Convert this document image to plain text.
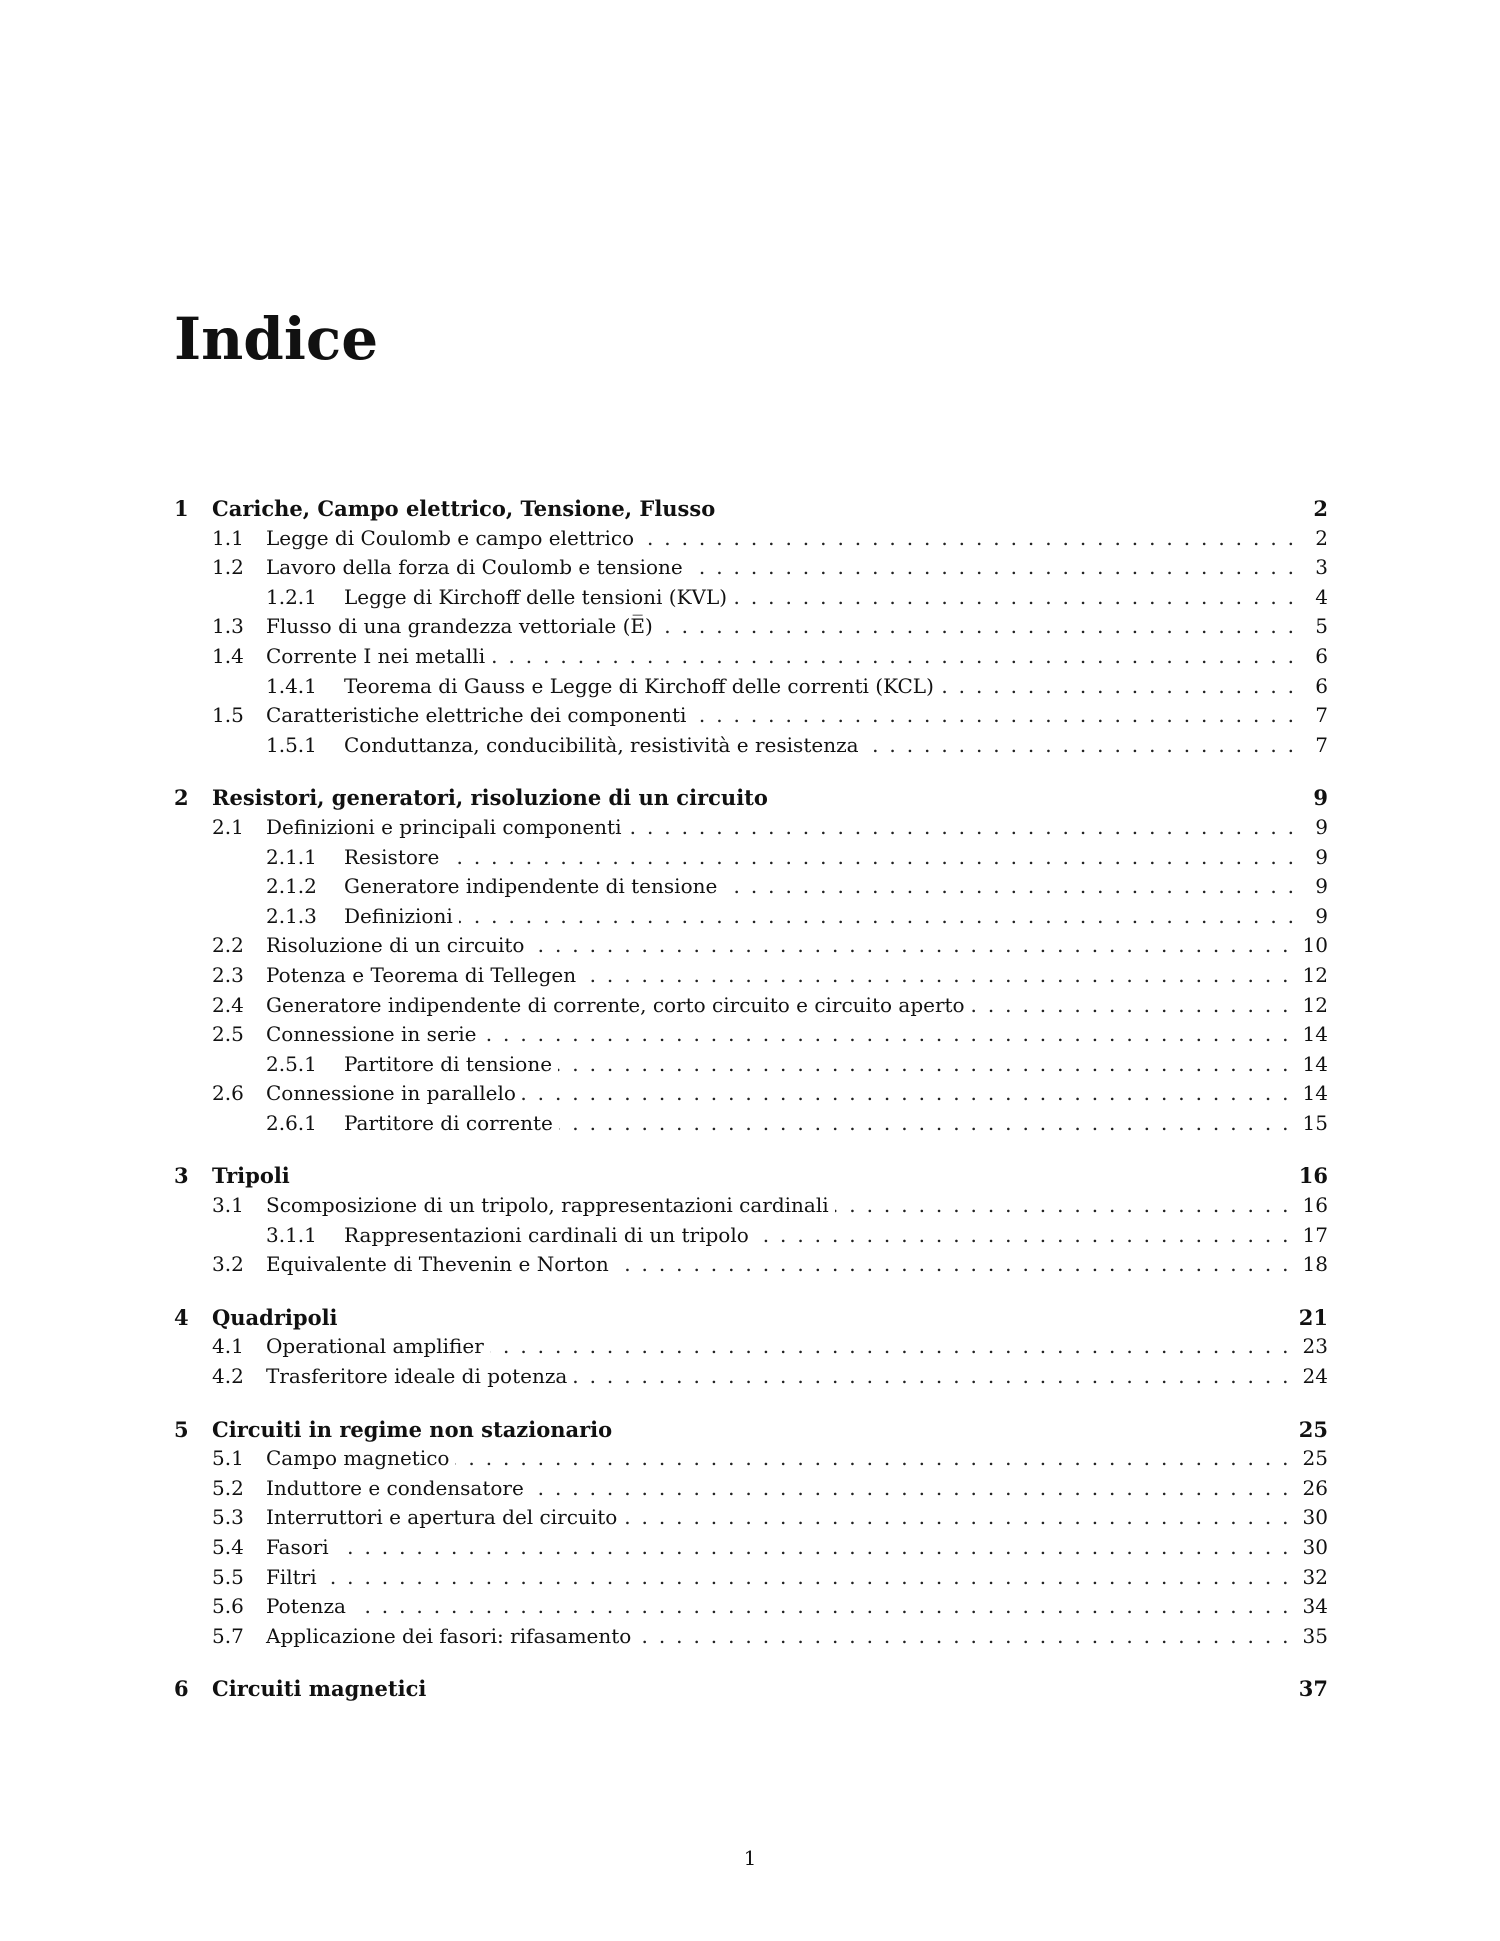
Indice
1	Cariche, Campo elettrico, Tensione, Flusso	2
1.1	Legge di Coulomb e campo elettrico . . .	2
1.2	Lavoro della forza di Coulomb e tensione . . .	3
1.2.1	Legge di Kirchoff delle tensioni (KVL) . . .	4
1.3	Flusso di una grandezza vettoriale (E̅) . . .	5
1.4	Corrente I nei metalli . . .	6
1.4.1	Teorema di Gauss e Legge di Kirchoff delle correnti (KCL) . . .	6
1.5	Caratteristiche elettriche dei componenti . . .	7
1.5.1	Conduttanza, conducibilità, resistività e resistenza . . .	7
2	Resistori, generatori, risoluzione di un circuito	9
2.1	Definizioni e principali componenti . . .	9
2.1.1	Resistore . . .	9
2.1.2	Generatore indipendente di tensione . . .	9
2.1.3	Definizioni . . .	9
2.2	Risoluzione di un circuito . . .	10
2.3	Potenza e Teorema di Tellegen . . .	12
2.4	Generatore indipendente di corrente, corto circuito e circuito aperto . . .	12
2.5	Connessione in serie . . .	14
2.5.1	Partitore di tensione . . .	14
2.6	Connessione in parallelo . . .	14
2.6.1	Partitore di corrente . . .	15
3	Tripoli	16
3.1	Scomposizione di un tripolo, rappresentazioni cardinali . . .	16
3.1.1	Rappresentazioni cardinali di un tripolo . . .	17
3.2	Equivalente di Thevenin e Norton . . .	18
4	Quadripoli	21
4.1	Operational amplifier . . .	23
4.2	Trasferitore ideale di potenza . . .	24
5	Circuiti in regime non stazionario	25
5.1	Campo magnetico . . .	25
5.2	Induttore e condensatore . . .	26
5.3	Interruttori e apertura del circuito . . .	30
5.4	Fasori . . .	30
5.5	Filtri . . .	32
5.6	Potenza . . .	34
5.7	Applicazione dei fasori: rifasamento . . .	35
6	Circuiti magnetici	37
1
